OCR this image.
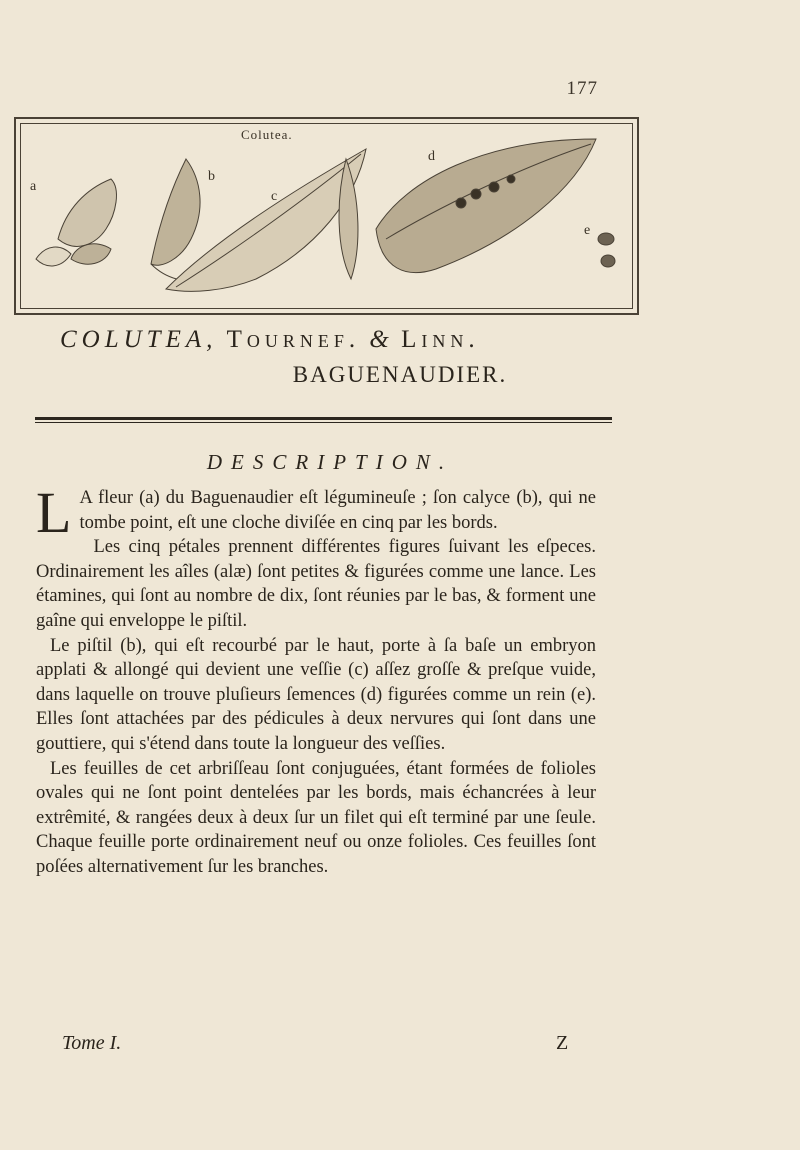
177
Colutea.
a
b
c
d
e
COLUTEA, Tournef. & Linn.
BAGUENAUDIER.
DESCRIPTION.

L A fleur (a) du Baguenaudier eſt légumineuſe ; ſon calyce (b), qui ne tombe point, eſt une cloche diviſée en cinq par les bords.

Les cinq pétales prennent différentes figures ſuivant les eſpeces. Ordinairement les aîles (alæ) ſont petites & figurées comme une lance. Les étamines, qui ſont au nombre de dix, ſont réunies par le bas, & forment une gaîne qui enveloppe le piſtil.

Le piſtil (b), qui eſt recourbé par le haut, porte à ſa baſe un embryon applati & allongé qui devient une veſſie (c) aſſez groſſe & preſque vuide, dans laquelle on trouve pluſieurs ſemences (d) figurées comme un rein (e). Elles ſont attachées par des pédicules à deux nervures qui ſont dans une gouttiere, qui s'étend dans toute la longueur des veſſies.

Les feuilles de cet arbriſſeau ſont conjuguées, étant formées de folioles ovales qui ne ſont point dentelées par les bords, mais échancrées à leur extrêmité, & rangées deux à deux ſur un filet qui eſt terminé par une ſeule. Chaque feuille porte ordinairement neuf ou onze folioles. Ces feuilles ſont poſées alternativement ſur les branches.

Tome I.	Z
